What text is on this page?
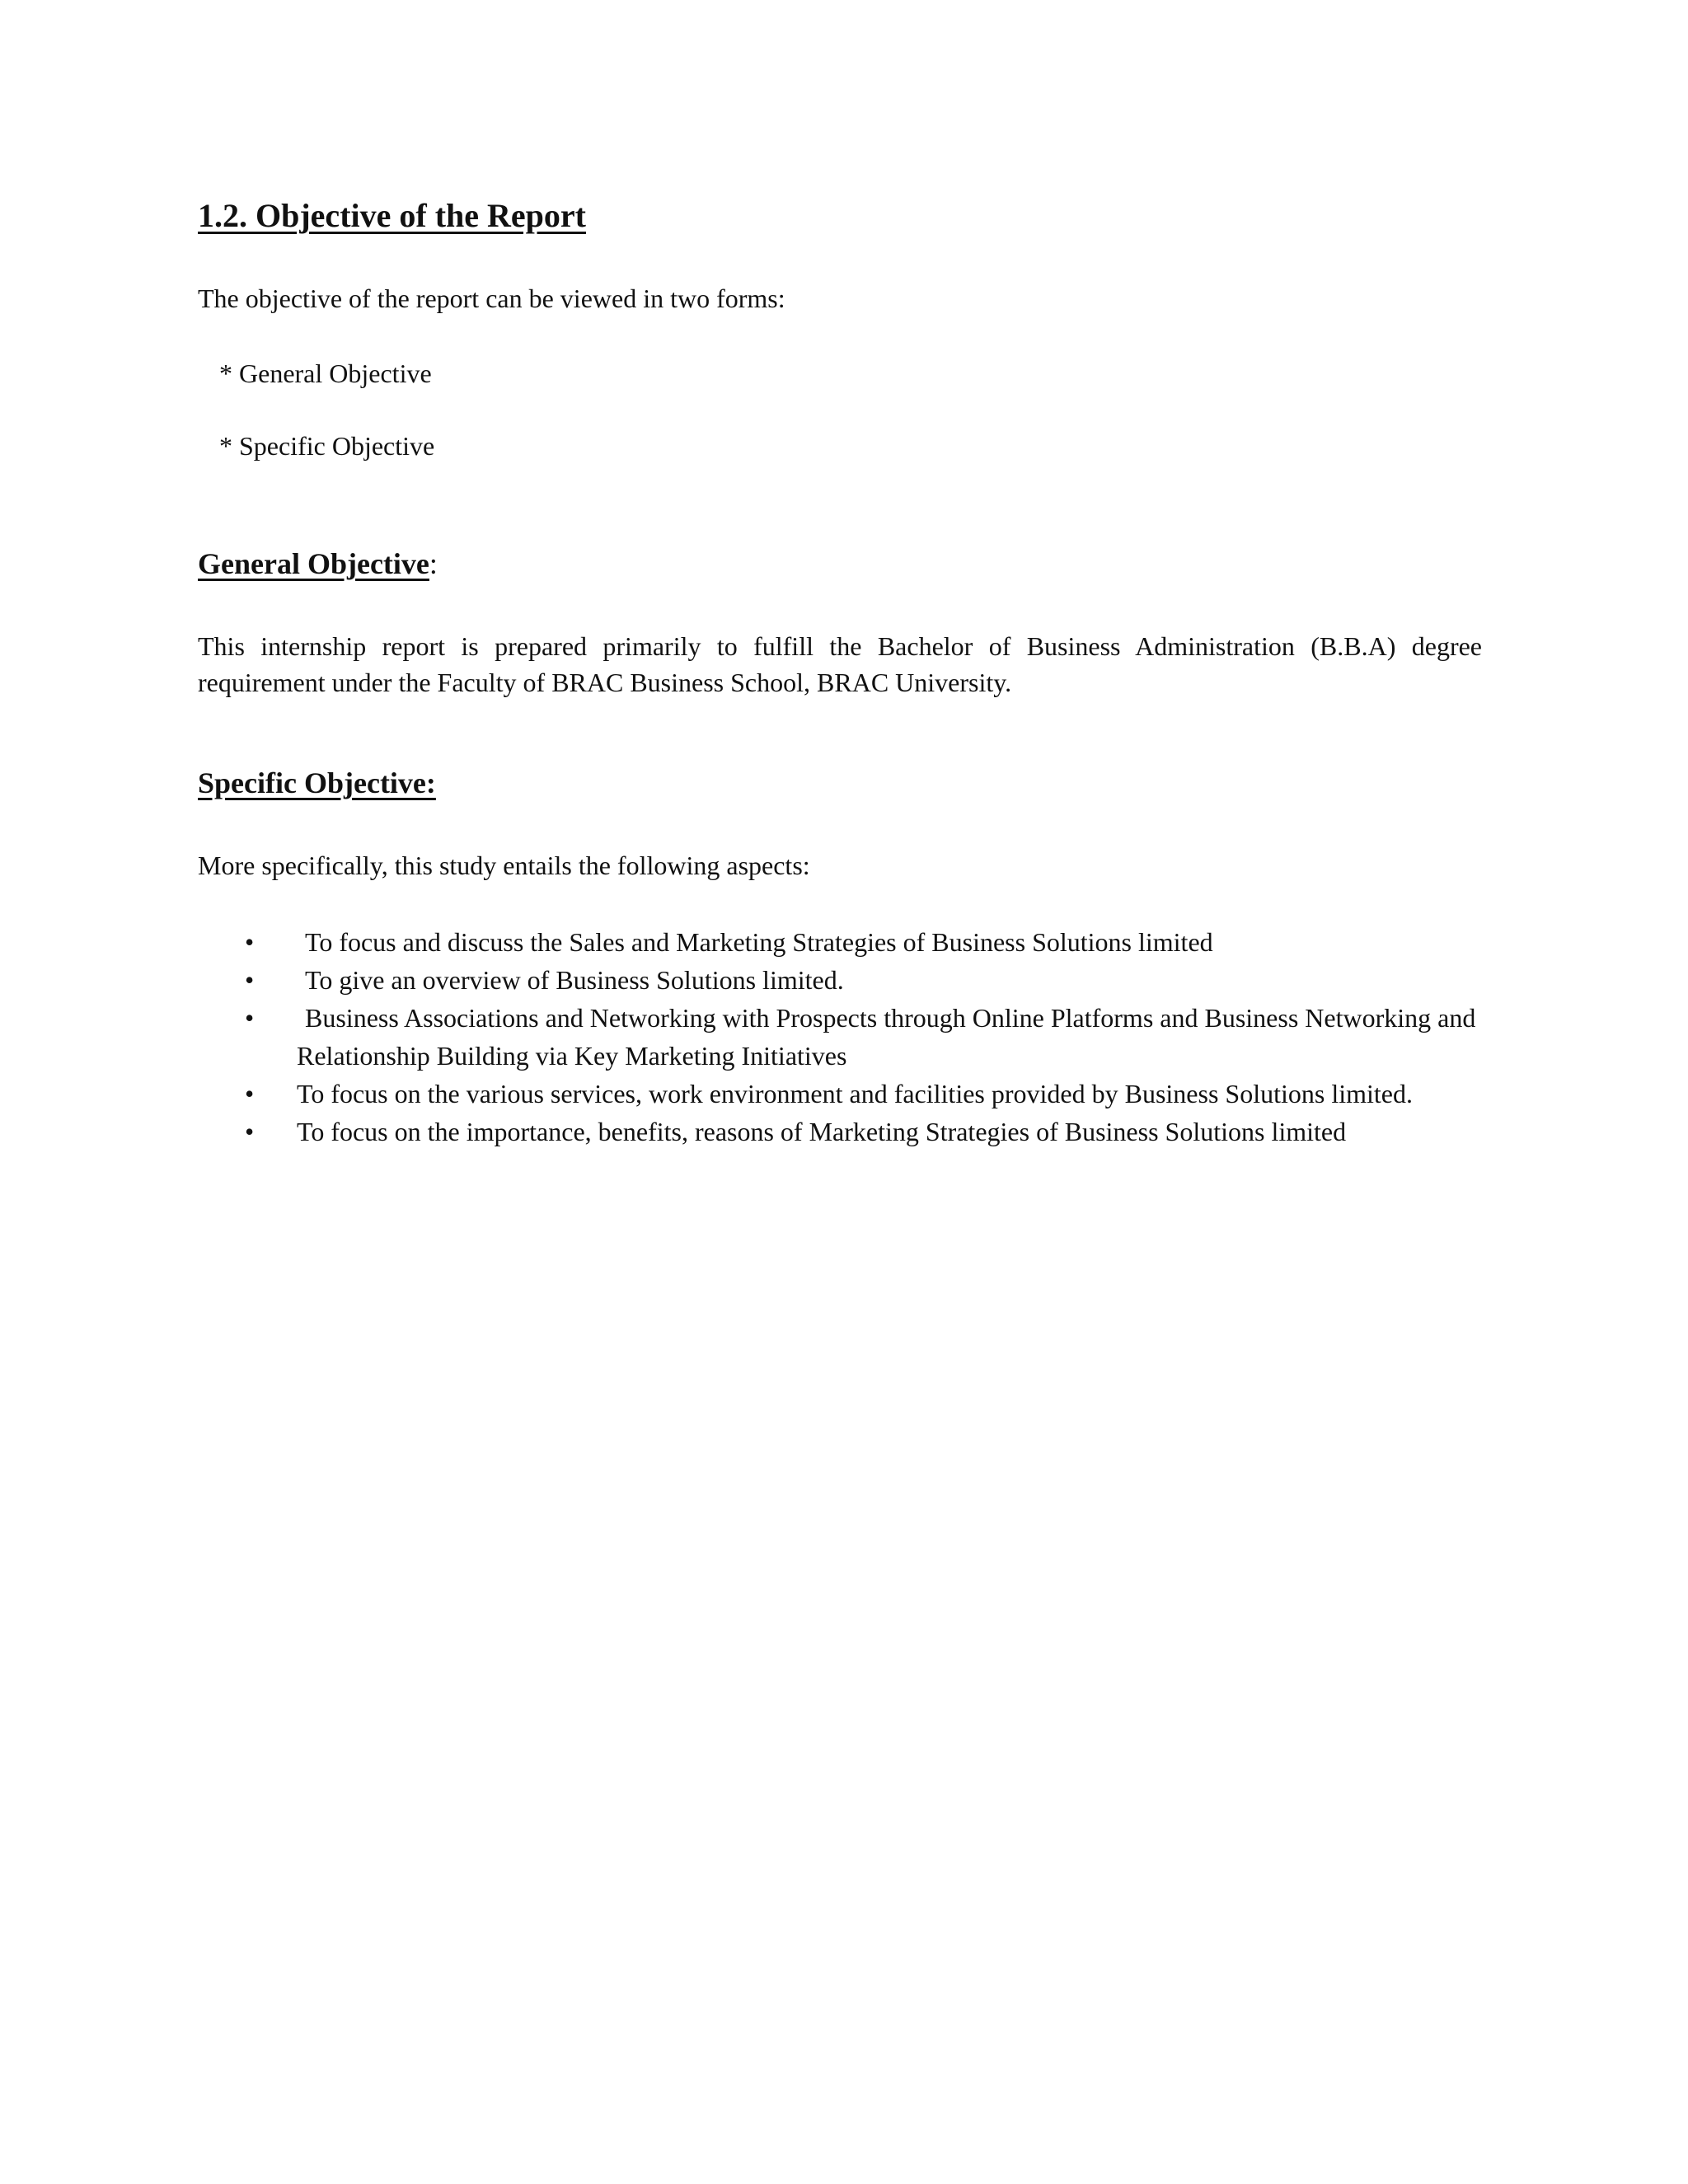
1.2. Objective of the Report
The objective of the report can be viewed in two forms:
* General Objective
* Specific Objective
General Objective:
This internship report is prepared primarily to fulfill the Bachelor of Business Administration (B.B.A) degree requirement under the Faculty of BRAC Business School, BRAC University.
Specific Objective:
More specifically, this study entails the following aspects:
• To focus and discuss the Sales and Marketing Strategies of Business Solutions limited
• To give an overview of Business Solutions limited.
• Business Associations and Networking with Prospects through Online Platforms and Business Networking and Relationship Building via Key Marketing Initiatives
• To focus on the various services, work environment and facilities provided by Business Solutions limited.
• To focus on the importance, benefits, reasons of Marketing Strategies of Business Solutions limited
